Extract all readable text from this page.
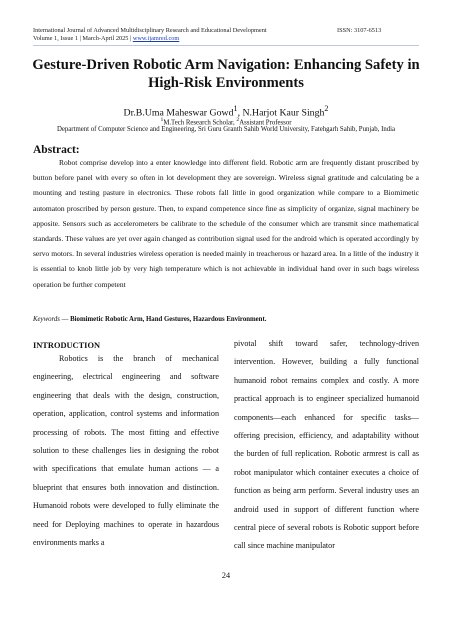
International Journal of Advanced Multidisciplinary Research and Educational Development
Volume 1, Issue 1 | March-April 2025 | www.ijamred.com
ISSN: 3107-6513
Gesture-Driven Robotic Arm Navigation: Enhancing Safety in High-Risk Environments
Dr.B.Uma Maheswar Gowd$^1$, N.Harjot Kaur Singh$^2$
$^1$M.Tech Research Scholar, $^2$Assistant Professor
Department of Computer Science and Engineering, Sri Guru Granth Sahib World University, Fatehgarh Sahib, Punjab, India
Abstract:

Robot comprise develop into a enter knowledge into different field. Robotic arm are frequently distant proscribed by button before panel with every so often in lot development they are sovereign. Wireless signal gratitude and calculating be a mounting and testing pasture in electronics. These robots fall little in good organization while compare to a Biomimetic automaton proscribed by person gesture. Then, to expand competence since fine as simplicity of organize, signal machinery be apposite. Sensors such as accelerometers be calibrate to the schedule of the consumer which are transmit since mathematical standards. These values are yet over again changed as contribution signal used for the android which is operated accordingly by servo motors. In several industries wireless operation is needed mainly in treacherous or hazard area. In a little of the industry it is essential to knob little job by very high temperature which is not achievable in individual hand over in such bags wireless operation be further competent

Keywords — Biomimetic Robotic Arm, Hand Gestures, Hazardous Environment.
INTRODUCTION

Robotics is the branch of mechanical engineering, electrical engineering and software engineering that deals with the design, construction, operation, application, control systems and information processing of robots. The most fitting and effective solution to these challenges lies in designing the robot with specifications that emulate human actions — a blueprint that ensures both innovation and distinction. Humanoid robots were developed to fully eliminate the need for Deploying machines to operate in hazardous environments marks a

pivotal shift toward safer, technology-driven intervention. However, building a fully functional humanoid robot remains complex and costly. A more practical approach is to engineer specialized humanoid components—each enhanced for specific tasks—offering precision, efficiency, and adaptability without the burden of full replication. Robotic armrest is call as robot manipulator which container executes a choice of function as being arm perform. Several industry uses an android used in support of different function where central piece of several robots is Robotic support before call since machine manipulator

24
